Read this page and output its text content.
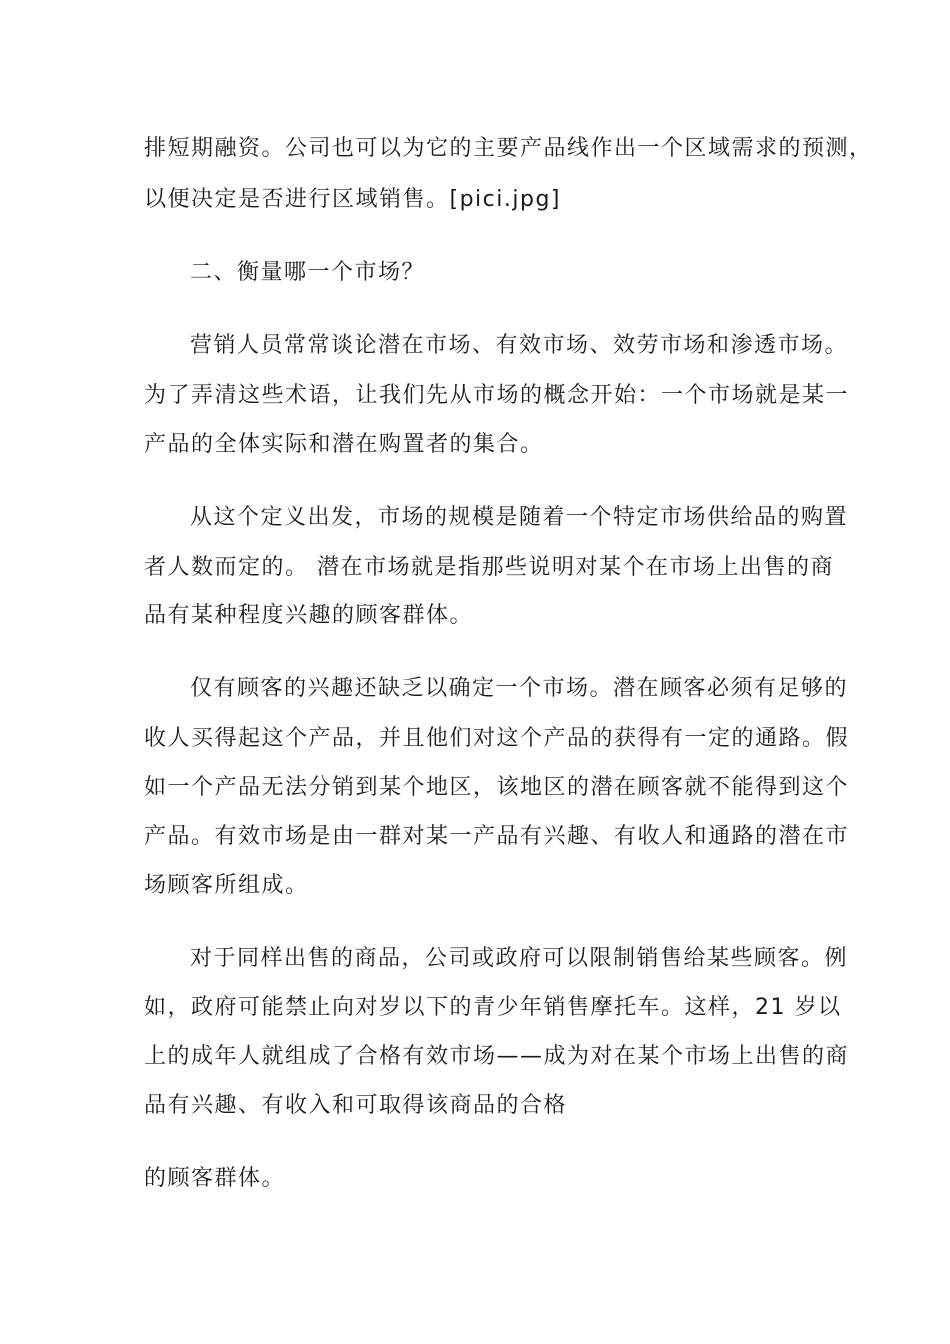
排短期融资。公司也可以为它的主要产品线作出一个区域需求的预测，
以便决定是否进行区域销售。[pici.jpg]
二、衡量哪一个市场？
营销人员常常谈论潜在市场、有效市场、效劳市场和渗透市场。
为了弄清这些术语，让我们先从市场的概念开始：一个市场就是某一
产品的全体实际和潜在购置者的集合。
从这个定义出发，市场的规模是随着一个特定市场供给品的购置
者人数而定的。 潜在市场就是指那些说明对某个在市场上出售的商
品有某种程度兴趣的顾客群体。
仅有顾客的兴趣还缺乏以确定一个市场。潜在顾客必须有足够的
收人买得起这个产品，并且他们对这个产品的获得有一定的通路。假
如一个产品无法分销到某个地区，该地区的潜在顾客就不能得到这个
产品。有效市场是由一群对某一产品有兴趣、有收人和通路的潜在市
场顾客所组成。
对于同样出售的商品，公司或政府可以限制销售给某些顾客。例
如，政府可能禁止向对岁以下的青少年销售摩托车。这样，21 岁以
上的成年人就组成了合格有效市场——成为对在某个市场上出售的商
品有兴趣、有收入和可取得该商品的合格
的顾客群体。
